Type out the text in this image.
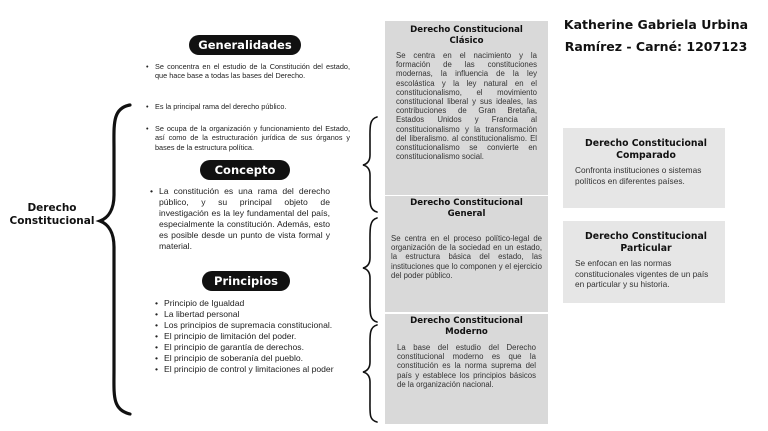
Derecho Constitucional
Generalidades
• Se concentra en el estudio de la Constitución del estado, que hace base a todas las bases del Derecho.
• Es la principal rama del derecho público.
• Se ocupa de la organización y funcionamiento del Estado, así como de la estructuración jurídica de sus órganos y bases de la estructura política.
Concepto
• La constitución es una rama del derecho público, y su principal objeto de investigación es la ley fundamental del país, especialmente la constitución. Además, esto es posible desde un punto de vista formal y material.
Principios
• Principio de Igualdad
• La libertad personal
• Los principios de supremacia constitucional.
• El principio de limitación del poder.
• El principio de garantía de derechos.
• El principio de soberanía del pueblo.
• El principio de control y limitaciones al poder
Derecho Constitucional Clásico
Se centra en el nacimiento y la formación de las constituciones modernas, la influencia de la ley escolástica y la ley natural en el constitucionalismo, el movimiento constitucional liberal y sus ideales, las contribuciones de Gran Bretaña, Estados Unidos y Francia al constitucionalismo y la transformación del liberalismo. al constitucionalismo. El constitucionalismo se convierte en constitucionalismo social.
Derecho Constitucional General
Se centra en el proceso político-legal de organización de la sociedad en un estado, la estructura básica del estado, las instituciones que lo componen y el ejercicio del poder público.
Derecho Constitucional Moderno
La base del estudio del Derecho constitucional moderno es que la constitución es la norma suprema del país y establece los principios básicos de la organización nacional.
Katherine Gabriela Urbina
Ramírez - Carné: 1207123
Derecho Constitucional Comparado
Confronta instituciones o sistemas políticos en diferentes países.
Derecho Constitucional Particular
Se enfocan en las normas constitucionales vigentes de un país en particular y su historia.
